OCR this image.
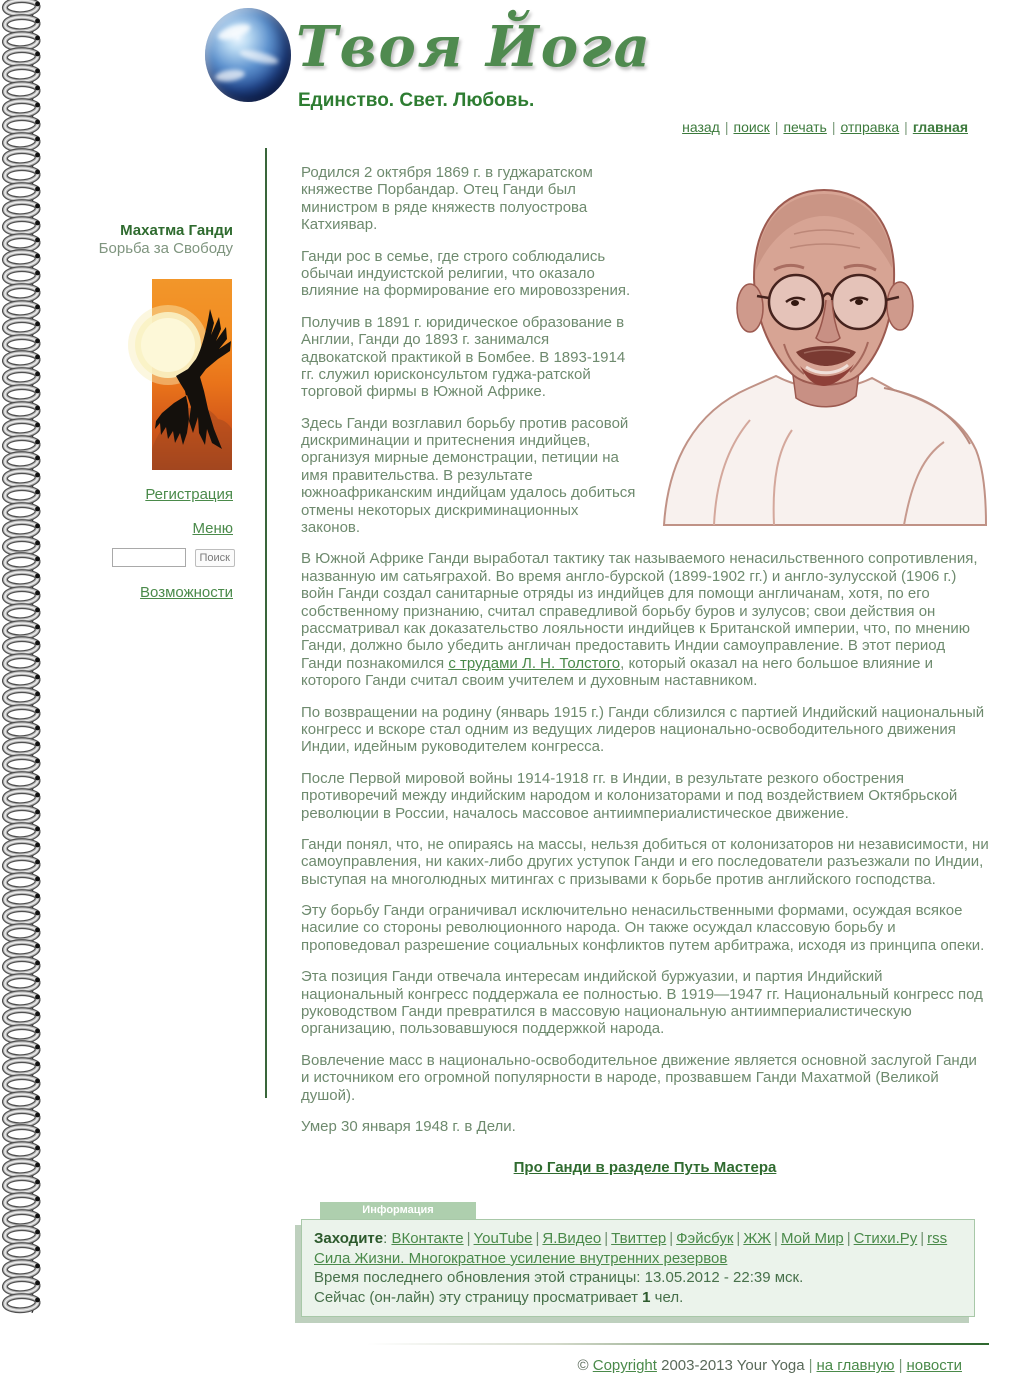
Твоя Йога
Единство. Свет. Любовь.
назад | поиск | печать | отправка | главная
Махатма Ганди
Борьба за Свободу
Регистрация
Меню
Поиск
Возможности

Родился 2 октября 1869 г. в гуджаратском княжестве Порбандар. Отец Ганди был министром в ряде княжеств полуострова Катхиявар.

Ганди рос в семье, где строго соблюдались обычаи индуистской религии, что оказало влияние на формирование его мировоззрения.

Получив в 1891 г. юридическое образование в Англии, Ганди до 1893 г. занимался адвокатской практикой в Бомбее. В 1893-1914 гг. служил юрисконсультом гуджа-ратской торговой фирмы в Южной Африке.

Здесь Ганди возглавил борьбу против расовой дискриминации и притеснения индийцев, организуя мирные демонстрации, петиции на имя правительства. В результате южноафриканским индийцам удалось добиться отмены некоторых дискриминационных законов.

В Южной Африке Ганди выработал тактику так называемого ненасильственного сопротивления, названную им сатьяграхой. Во время англо-бурской (1899-1902 гг.) и англо-зулусской (1906 г.) войн Ганди создал санитарные отряды из индийцев для помощи англичанам, хотя, по его собственному признанию, считал справедливой борьбу буров и зулусов; свои действия он рассматривал как доказательство лояльности индийцев к Британской империи, что, по мнению Ганди, должно было убедить англичан предоставить Индии самоуправление. В этот период Ганди познакомился с трудами Л. Н. Толстого, который оказал на него большое влияние и которого Ганди считал своим учителем и духовным наставником.

По возвращении на родину (январь 1915 г.) Ганди сблизился с партией Индийский национальный конгресс и вскоре стал одним из ведущих лидеров национально-освободительного движения Индии, идейным руководителем конгресса.

После Первой мировой войны 1914-1918 гг. в Индии, в результате резкого обострения противоречий между индийским народом и колонизаторами и под воздействием Октябрьской революции в России, началось массовое антиимпериалистическое движение.

Ганди понял, что, не опираясь на массы, нельзя добиться от колонизаторов ни независимости, ни самоуправления, ни каких-либо других уступок Ганди и его последователи разъезжали по Индии, выступая на многолюдных митингах с призывами к борьбе против английского господства.

Эту борьбу Ганди ограничивал исключительно ненасильственными формами, осуждая всякое насилие со стороны революционного народа. Он также осуждал классовую борьбу и проповедовал разрешение социальных конфликтов путем арбитража, исходя из принципа опеки.

Эта позиция Ганди отвечала интересам индийской буржуазии, и партия Индийский национальный конгресс поддержала ее полностью. В 1919—1947 гг. Национальный конгресс под руководством Ганди превратился в массовую национальную антиимпериалистическую организацию, пользовавшуюся поддержкой народа.

Вовлечение масс в национально-освободительное движение является основной заслугой Ганди и источником его огромной популярности в народе, прозвавшем Ганди Махатмой (Великой душой).

Умер 30 января 1948 г. в Дели.

Про Ганди в разделе Путь Мастера
Информация
Заходите: ВКонтакте | YouTube | Я.Видео | Твиттер | Фэйсбук | ЖЖ | Мой Мир | Стихи.Ру | rss
Сила Жизни. Многократное усиление внутренних резервов
Время последнего обновления этой страницы: 13.05.2012 - 22:39 мск.
Сейчас (он-лайн) эту страницу просматривает 1 чел.
© Copyright 2003-2013 Your Yoga | на главную | новости
